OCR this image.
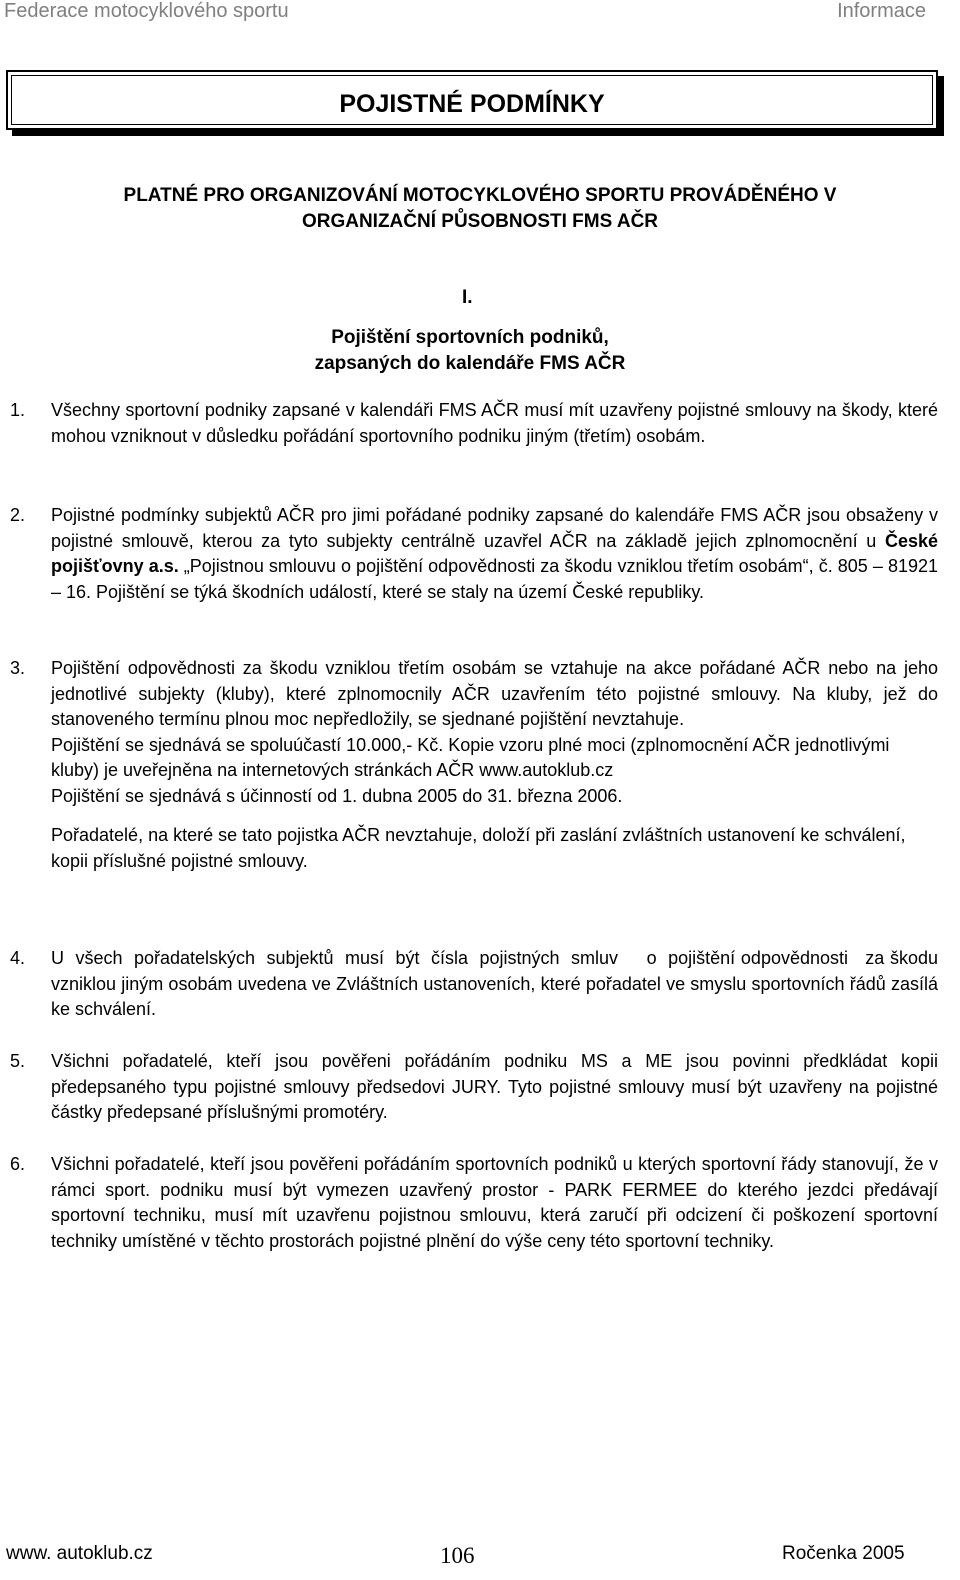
Federace motocyklového sportu	Informace
POJISTNÉ PODMÍNKY
PLATNÉ PRO ORGANIZOVÁNÍ MOTOCYKLOVÉHO SPORTU PROVÁDĚNÉHO V
ORGANIZAČNÍ PŮSOBNOSTI FMS AČR
I.
Pojištění sportovních podniků,
zapsaných do kalendáře FMS AČR
1. Všechny sportovní podniky zapsané v kalendáři FMS AČR musí mít uzavřeny pojistné smlouvy na škody, které mohou vzniknout v důsledku pořádání sportovního podniku jiným (třetím) osobám.

2. Pojistné podmínky subjektů AČR pro jimi pořádané podniky zapsané do kalendáře FMS AČR jsou obsaženy v pojistné smlouvě, kterou za tyto subjekty centrálně uzavřel AČR na základě jejich zplnomocnění u České pojišťovny a.s. „Pojistnou smlouvu o pojištění odpovědnosti za škodu vzniklou třetím osobám“, č. 805 – 81921 – 16. Pojištění se týká škodních událostí, které se staly na území České republiky.

3. Pojištění odpovědnosti za škodu vzniklou třetím osobám se vztahuje na akce pořádané AČR nebo na jeho jednotlivé subjekty (kluby), které zplnomocnily AČR uzavřením této pojistné smlouvy. Na kluby, jež do stanoveného termínu plnou moc nepředložily, se sjednané pojištění nevztahuje.

Pojištění se sjednává se spoluúčastí 10.000,- Kč. Kopie vzoru plné moci (zplnomocnění AČR jednotlivými kluby) je uveřejněna na internetových stránkách AČR www.autoklub.cz

Pojištění se sjednává s účinností od 1. dubna 2005 do 31. března 2006.

Pořadatelé, na které se tato pojistka AČR nevztahuje, doloží při zaslání zvláštních ustanovení ke schválení, kopii příslušné pojistné smlouvy.

4. U  všech  pořadatelských  subjektů  musí  být  čísla  pojistných  smluv     o  pojištění odpovědnosti   za škodu vzniklou jiným osobám uvedena ve Zvláštních ustanoveních, které pořadatel ve smyslu sportovních řádů zasílá ke schválení.

5. Všichni pořadatelé, kteří jsou pověřeni pořádáním podniku MS a ME jsou povinni předkládat kopii předepsaného typu pojistné smlouvy předsedovi JURY. Tyto pojistné smlouvy musí být uzavřeny na pojistné částky předepsané příslušnými promotéry.

6. Všichni pořadatelé, kteří jsou pověřeni pořádáním sportovních podniků u kterých sportovní řády stanovují, že v rámci sport. podniku musí být vymezen uzavřený prostor - PARK FERMEE do kterého jezdci předávají sportovní techniku, musí mít uzavřenu pojistnou smlouvu, která zaručí při odcizení či poškození sportovní techniky umístěné v těchto prostorách pojistné plnění do výše ceny této sportovní techniky.

www. autoklub.cz	106	Ročenka 2005
